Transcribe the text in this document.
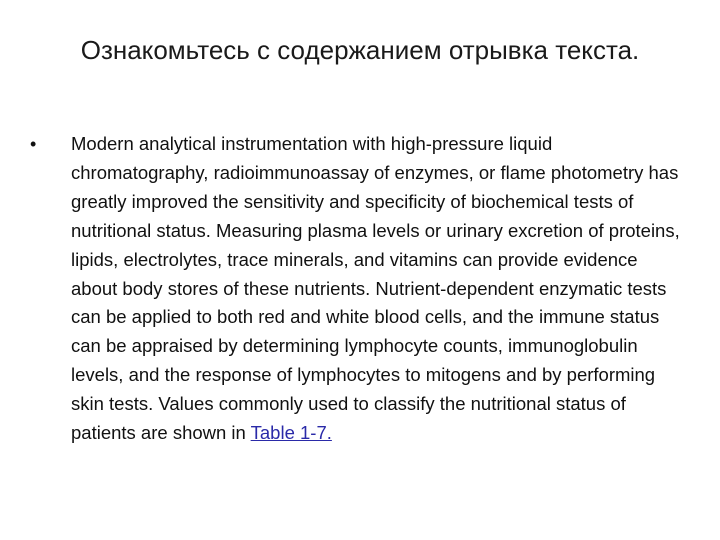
Ознакомьтесь с содержанием отрывка текста.
•	Modern analytical instrumentation with high-pressure liquid chromatography, radioimmunoassay of enzymes, or flame photometry has greatly improved the sensitivity and specificity of biochemical tests of nutritional status. Measuring plasma levels or urinary excretion of proteins, lipids, electrolytes, trace minerals, and vitamins can provide evidence about body stores of these nutrients. Nutrient-dependent enzymatic tests can be applied to both red and white blood cells, and the immune status can be appraised by determining lymphocyte counts, immunoglobulin levels, and the response of lymphocytes to mitogens and by performing skin tests. Values commonly used to classify the nutritional status of patients are shown in Table 1-7.
